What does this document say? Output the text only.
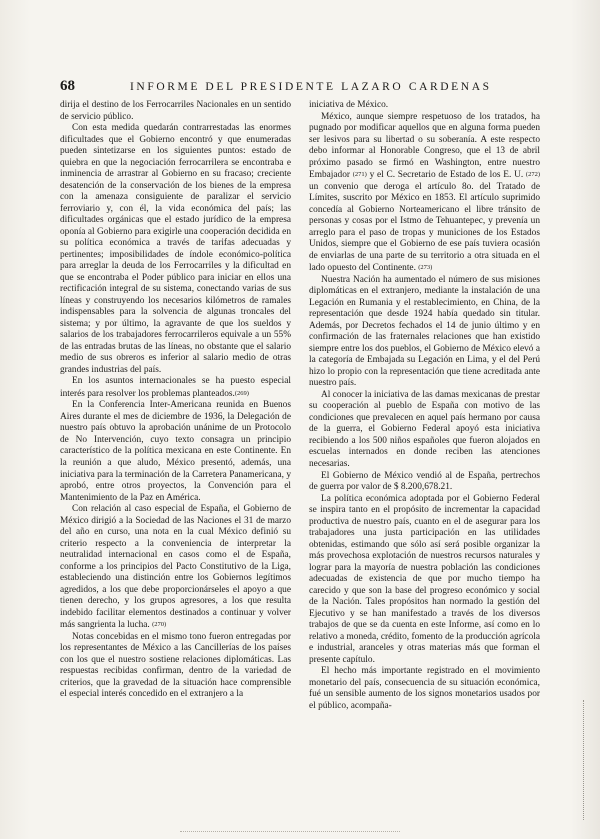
68	INFORME DEL PRESIDENTE LAZARO CARDENAS

dirija el destino de los Ferrocarriles Nacionales en un sentido de servicio público.

Con esta medida quedarán contrarrestadas las enormes dificultades que el Gobierno encontró y que enumeradas pueden sintetizarse en los siguientes puntos: estado de quiebra en que la negociación ferrocarrilera se encontraba e inminencia de arrastrar al Gobierno en su fracaso; creciente desatención de la conservación de los bienes de la empresa con la amenaza consiguiente de paralizar el servicio ferroviario y, con él, la vida económica del país; las dificultades orgánicas que el estado jurídico de la empresa oponía al Gobierno para exigirle una cooperación decidida en su política económica a través de tarifas adecuadas y pertinentes; imposibilidades de índole económico-política para arreglar la deuda de los Ferrocarriles y la dificultad en que se encontraba el Poder público para iniciar en ellos una rectificación integral de su sistema, conectando varias de sus líneas y construyendo los necesarios kilómetros de ramales indispensables para la solvencia de algunas troncales del sistema; y por último, la agravante de que los sueldos y salarios de los trabajadores ferrocarrileros equivale a un 55% de las entradas brutas de las líneas, no obstante que el salario medio de sus obreros es inferior al salario medio de otras grandes industrias del país.

En los asuntos internacionales se ha puesto especial interés para resolver los problemas planteados.(269)

En la Conferencia Inter-Americana reunida en Buenos Aires durante el mes de diciembre de 1936, la Delegación de nuestro país obtuvo la aprobación unánime de un Protocolo de No Intervención, cuyo texto consagra un principio característico de la política mexicana en este Continente. En la reunión a que aludo, México presentó, además, una iniciativa para la terminación de la Carretera Panamericana, y aprobó, entre otros proyectos, la Convención para el Mantenimiento de la Paz en América.

Con relación al caso especial de España, el Gobierno de México dirigió a la Sociedad de las Naciones el 31 de marzo del año en curso, una nota en la cual México definió su criterio respecto a la conveniencia de interpretar la neutralidad internacional en casos como el de España, conforme a los principios del Pacto Constitutivo de la Liga, estableciendo una distinción entre los Gobiernos legítimos agredidos, a los que debe proporcionárseles el apoyo a que tienen derecho, y los grupos agresores, a los que resulta indebido facilitar elementos destinados a continuar y volver más sangrienta la lucha. (270)

Notas concebidas en el mismo tono fueron entregadas por los representantes de México a las Cancillerías de los países con los que el nuestro sostiene relaciones diplomáticas. Las respuestas recibidas confirman, dentro de la variedad de criterios, que la gravedad de la situación hace comprensible el especial interés concedido en el extranjero a la

iniciativa de México.

México, aunque siempre respetuoso de los tratados, ha pugnado por modificar aquellos que en alguna forma pueden ser lesivos para su libertad o su soberanía. A este respecto debo informar al Honorable Congreso, que el 13 de abril próximo pasado se firmó en Washington, entre nuestro Embajador (271) y el C. Secretario de Estado de los E. U. (272) un convenio que deroga el artículo 8o. del Tratado de Límites, suscrito por México en 1853. El artículo suprimido concedía al Gobierno Norteamericano el libre tránsito de personas y cosas por el Istmo de Tehuantepec, y prevenía un arreglo para el paso de tropas y municiones de los Estados Unidos, siempre que el Gobierno de ese país tuviera ocasión de enviarlas de una parte de su territorio a otra situada en el lado opuesto del Continente. (273)

Nuestra Nación ha aumentado el número de sus misiones diplomáticas en el extranjero, mediante la instalación de una Legación en Rumania y el restablecimiento, en China, de la representación que desde 1924 había quedado sin titular. Además, por Decretos fechados el 14 de junio último y en confirmación de las fraternales relaciones que han existido siempre entre los dos pueblos, el Gobierno de México elevó a la categoría de Embajada su Legación en Lima, y el del Perú hizo lo propio con la representación que tiene acreditada ante nuestro país.

Al conocer la iniciativa de las damas mexicanas de prestar su cooperación al pueblo de España con motivo de las condiciones que prevalecen en aquel país hermano por causa de la guerra, el Gobierno Federal apoyó esta iniciativa recibiendo a los 500 niños españoles que fueron alojados en escuelas internados en donde reciben las atenciones necesarias.

El Gobierno de México vendió al de España, pertrechos de guerra por valor de $ 8.200,678.21.

La política económica adoptada por el Gobierno Federal se inspira tanto en el propósito de incrementar la capacidad productiva de nuestro país, cuanto en el de asegurar para los trabajadores una justa participación en las utilidades obtenidas, estimando que sólo así será posible organizar la más provechosa explotación de nuestros recursos naturales y lograr para la mayoría de nuestra población las condiciones adecuadas de existencia de que por mucho tiempo ha carecido y que son la base del progreso económico y social de la Nación. Tales propósitos han normado la gestión del Ejecutivo y se han manifestado a través de los diversos trabajos de que se da cuenta en este Informe, así como en lo relativo a moneda, crédito, fomento de la producción agrícola e industrial, aranceles y otras materias más que forman el presente capítulo.

El hecho más importante registrado en el movimiento monetario del país, consecuencia de su situación económica, fué un sensible aumento de los signos monetarios usados por el público, acompaña-
